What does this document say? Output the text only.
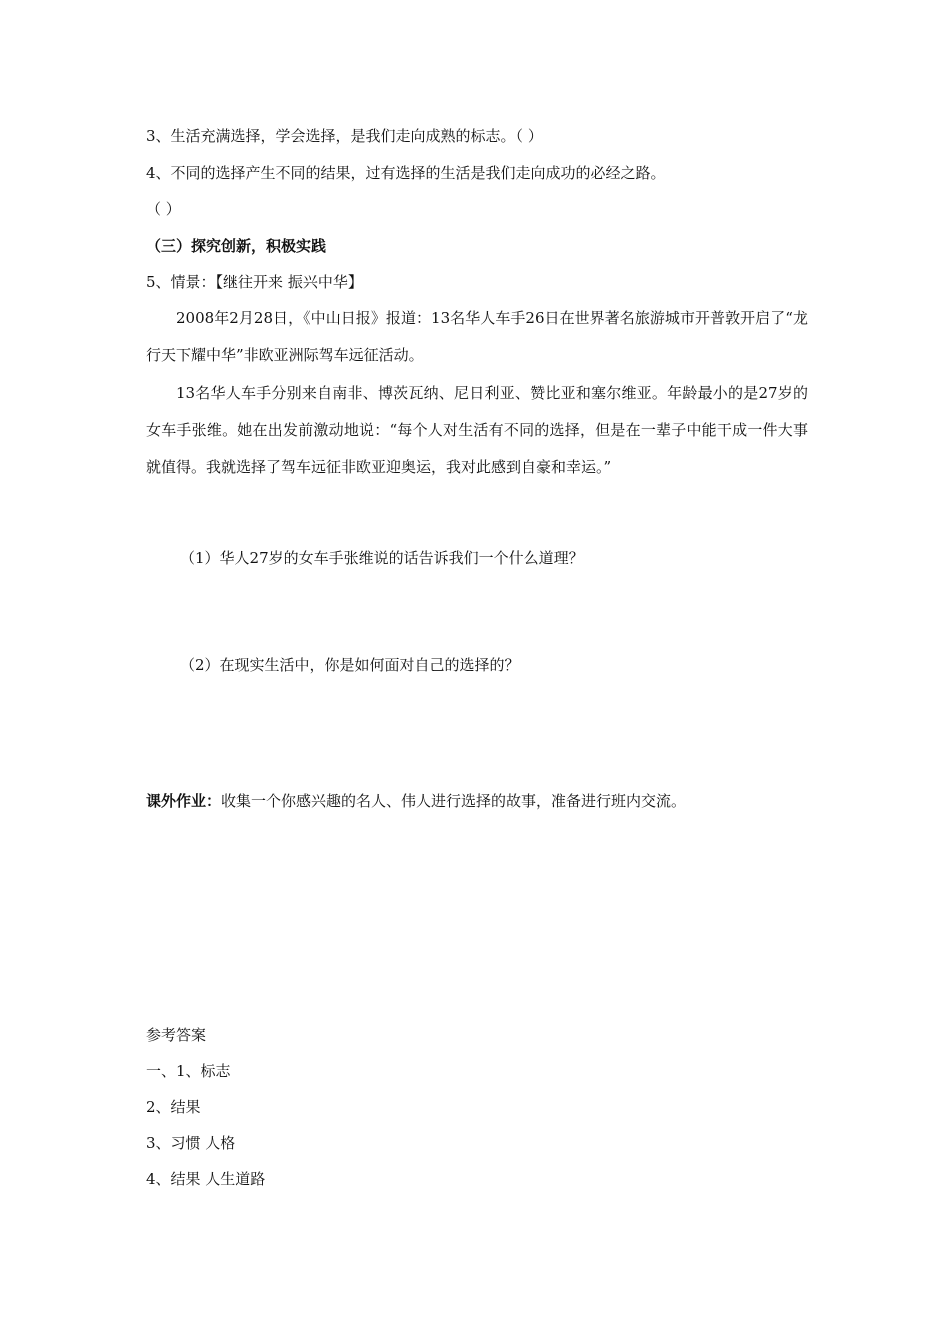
3、生活充满选择，学会选择，是我们走向成熟的标志。（ ）
4、不同的选择产生不同的结果，过有选择的生活是我们走向成功的必经之路。
（ ）
（三）探究创新，积极实践
5、情景：【继往开来 振兴中华】
2008年2月28日，《中山日报》报道：13名华人车手26日在世界著名旅游城市开普敦开启了“龙行天下耀中华”非欧亚洲际驾车远征活动。
13名华人车手分别来自南非、博茨瓦纳、尼日利亚、赞比亚和塞尔维亚。年龄最小的是27岁的女车手张维。她在出发前激动地说：“每个人对生活有不同的选择，但是在一辈子中能干成一件大事就值得。我就选择了驾车远征非欧亚迎奥运，我对此感到自豪和幸运。”
（1）华人27岁的女车手张维说的话告诉我们一个什么道理？
（2）在现实生活中，你是如何面对自己的选择的？
课外作业：收集一个你感兴趣的名人、伟人进行选择的故事，准备进行班内交流。
参考答案
一、1、标志
2、结果
3、习惯 人格
4、结果 人生道路
